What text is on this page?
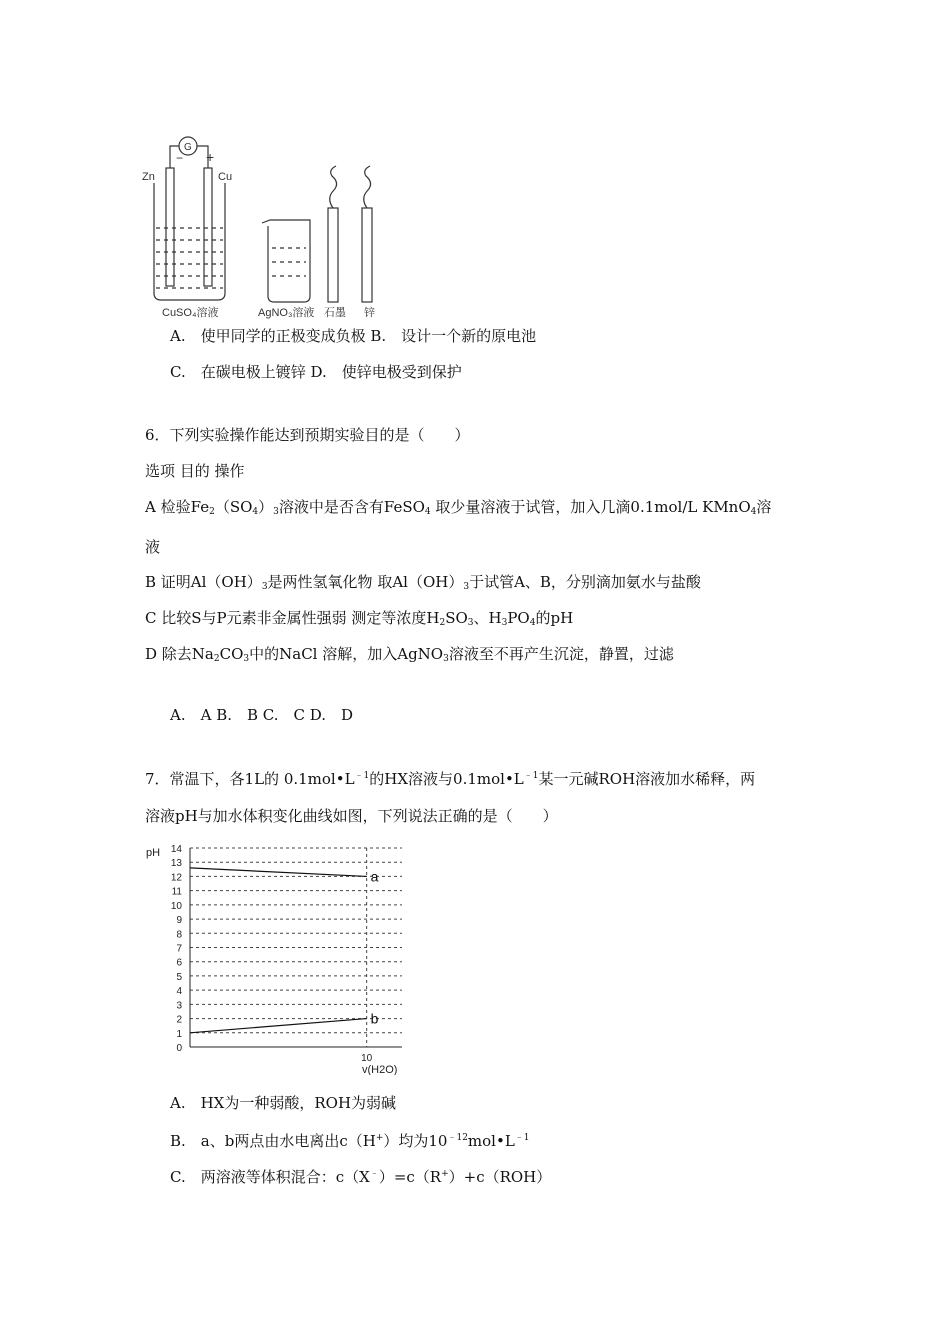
G
+
−
Zn	Cu
CuSO₄溶液	AgNO₃溶液 石墨 锌
A.　使甲同学的正极变成负极 B.　设计一个新的原电池
C.　在碳电极上镀锌 D.　使锌电极受到保护
6．下列实验操作能达到预期实验目的是（　　）
选项 目的 操作
A 检验$Fe_2(SO_4)_3$溶液中是否含有FeSO$_4$ 取少量溶液于试管，加入几滴0.1mol/L KMnO$_4$溶
液
B 证明$Al(OH)_3$是两性氢氧化物 取$Al(OH)_3$于试管A、B，分别滴加氨水与盐酸
C 比较S与P元素非金属性强弱 测定等浓度$H_2SO_3$、$H_3PO_4$的pH
D 除去$Na_2CO_3$中的NaCl 溶解，加入AgNO$_3$溶液至不再产生沉淀，静置，过滤
A.　A B.　B C.　C D.　D
7．常温下，各1L的 $0.1mol•L^{﹣1}$的HX溶液与$0.1mol•L^{﹣1}$某一元碱ROH溶液加水稀释，两
溶液pH与加水体积变化曲线如图，下列说法正确的是（　　）
0
1
2
3
4
5
6
7
8
9
10
11
12
13
14
10
pH
v(H2O)
a
b
A.　HX为一种弱酸，ROH为弱碱
B.　a、b两点由水电离出c（H+）均为$10^{﹣12}mol•L^{﹣1}$
C.　两溶液等体积混合：c（X﹣）=c（R+）+c（ROH）
